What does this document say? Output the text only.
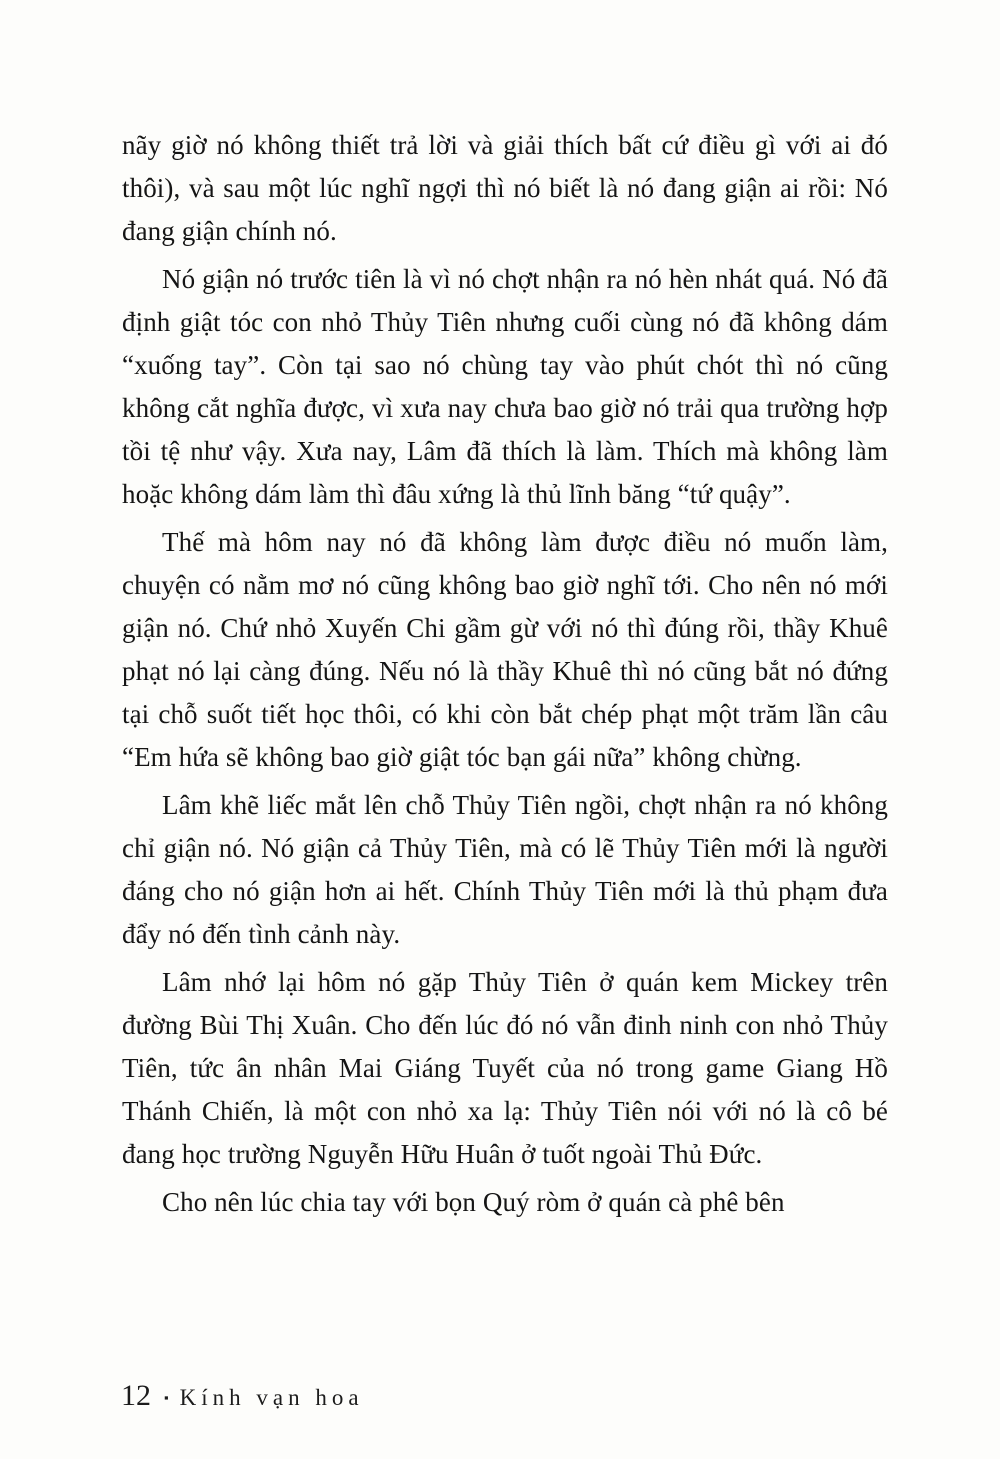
nãy giờ nó không thiết trả lời và giải thích bất cứ điều gì với ai đó thôi), và sau một lúc nghĩ ngợi thì nó biết là nó đang giận ai rồi: Nó đang giận chính nó.

Nó giận nó trước tiên là vì nó chợt nhận ra nó hèn nhát quá. Nó đã định giật tóc con nhỏ Thủy Tiên nhưng cuối cùng nó đã không dám “xuống tay”. Còn tại sao nó chùng tay vào phút chót thì nó cũng không cắt nghĩa được, vì xưa nay chưa bao giờ nó trải qua trường hợp tồi tệ như vậy. Xưa nay, Lâm đã thích là làm. Thích mà không làm hoặc không dám làm thì đâu xứng là thủ lĩnh băng “tứ quậy”.

Thế mà hôm nay nó đã không làm được điều nó muốn làm, chuyện có nằm mơ nó cũng không bao giờ nghĩ tới. Cho nên nó mới giận nó. Chứ nhỏ Xuyến Chi gầm gừ với nó thì đúng rồi, thầy Khuê phạt nó lại càng đúng. Nếu nó là thầy Khuê thì nó cũng bắt nó đứng tại chỗ suốt tiết học thôi, có khi còn bắt chép phạt một trăm lần câu “Em hứa sẽ không bao giờ giật tóc bạn gái nữa” không chừng.

Lâm khẽ liếc mắt lên chỗ Thủy Tiên ngồi, chợt nhận ra nó không chỉ giận nó. Nó giận cả Thủy Tiên, mà có lẽ Thủy Tiên mới là người đáng cho nó giận hơn ai hết. Chính Thủy Tiên mới là thủ phạm đưa đẩy nó đến tình cảnh này.

Lâm nhớ lại hôm nó gặp Thủy Tiên ở quán kem Mickey trên đường Bùi Thị Xuân. Cho đến lúc đó nó vẫn đinh ninh con nhỏ Thủy Tiên, tức ân nhân Mai Giáng Tuyết của nó trong game Giang Hồ Thánh Chiến, là một con nhỏ xa lạ: Thủy Tiên nói với nó là cô bé đang học trường Nguyễn Hữu Huân ở tuốt ngoài Thủ Đức.

Cho nên lúc chia tay với bọn Quý ròm ở quán cà phê bên

12 ▪ Kính vạn hoa
